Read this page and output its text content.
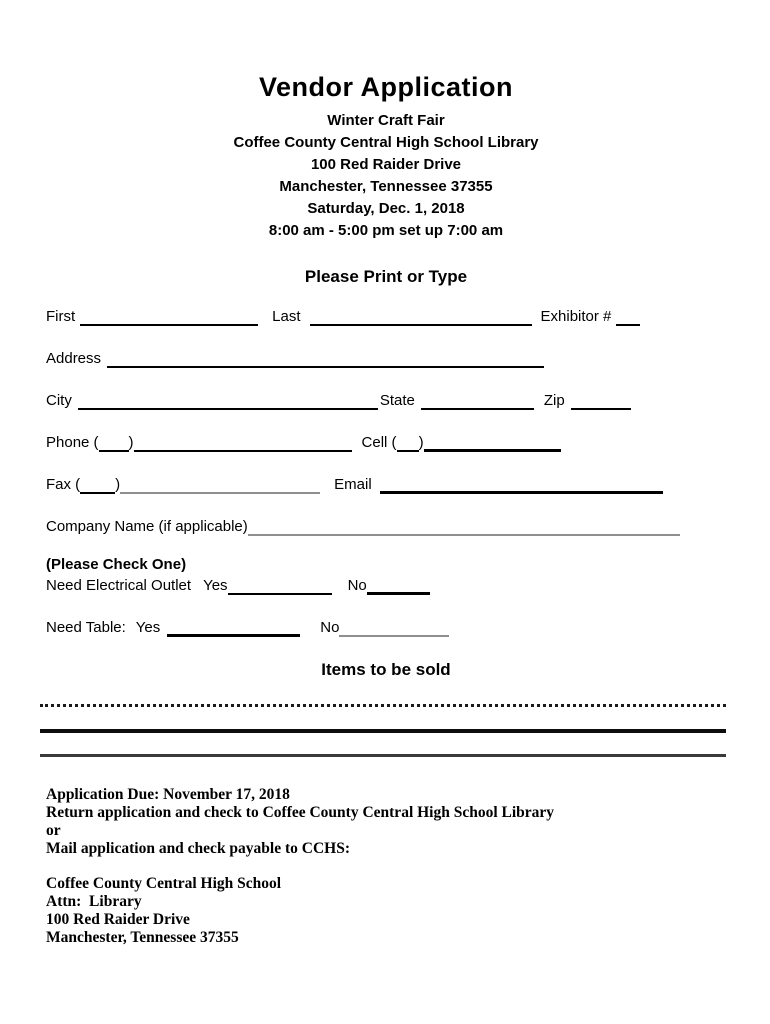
Vendor Application
Winter Craft Fair
Coffee County Central High School Library
100 Red Raider Drive
Manchester, Tennessee 37355
Saturday, Dec. 1, 2018
8:00 am - 5:00 pm set up 7:00 am
Please Print or Type
First	Last	Exhibitor #
Address
City	State	Zip
Phone ( )	Cell ( )
Fax ( )	Email
Company Name (if applicable)
(Please Check One)
Need Electrical Outlet Yes	No
Need Table: Yes	No
Items to be sold
Application Due: November 17, 2018
Return application and check to Coffee County Central High School Library
or
Mail application and check payable to CCHS:
Coffee County Central High School
Attn:  Library
100 Red Raider Drive
Manchester, Tennessee 37355
